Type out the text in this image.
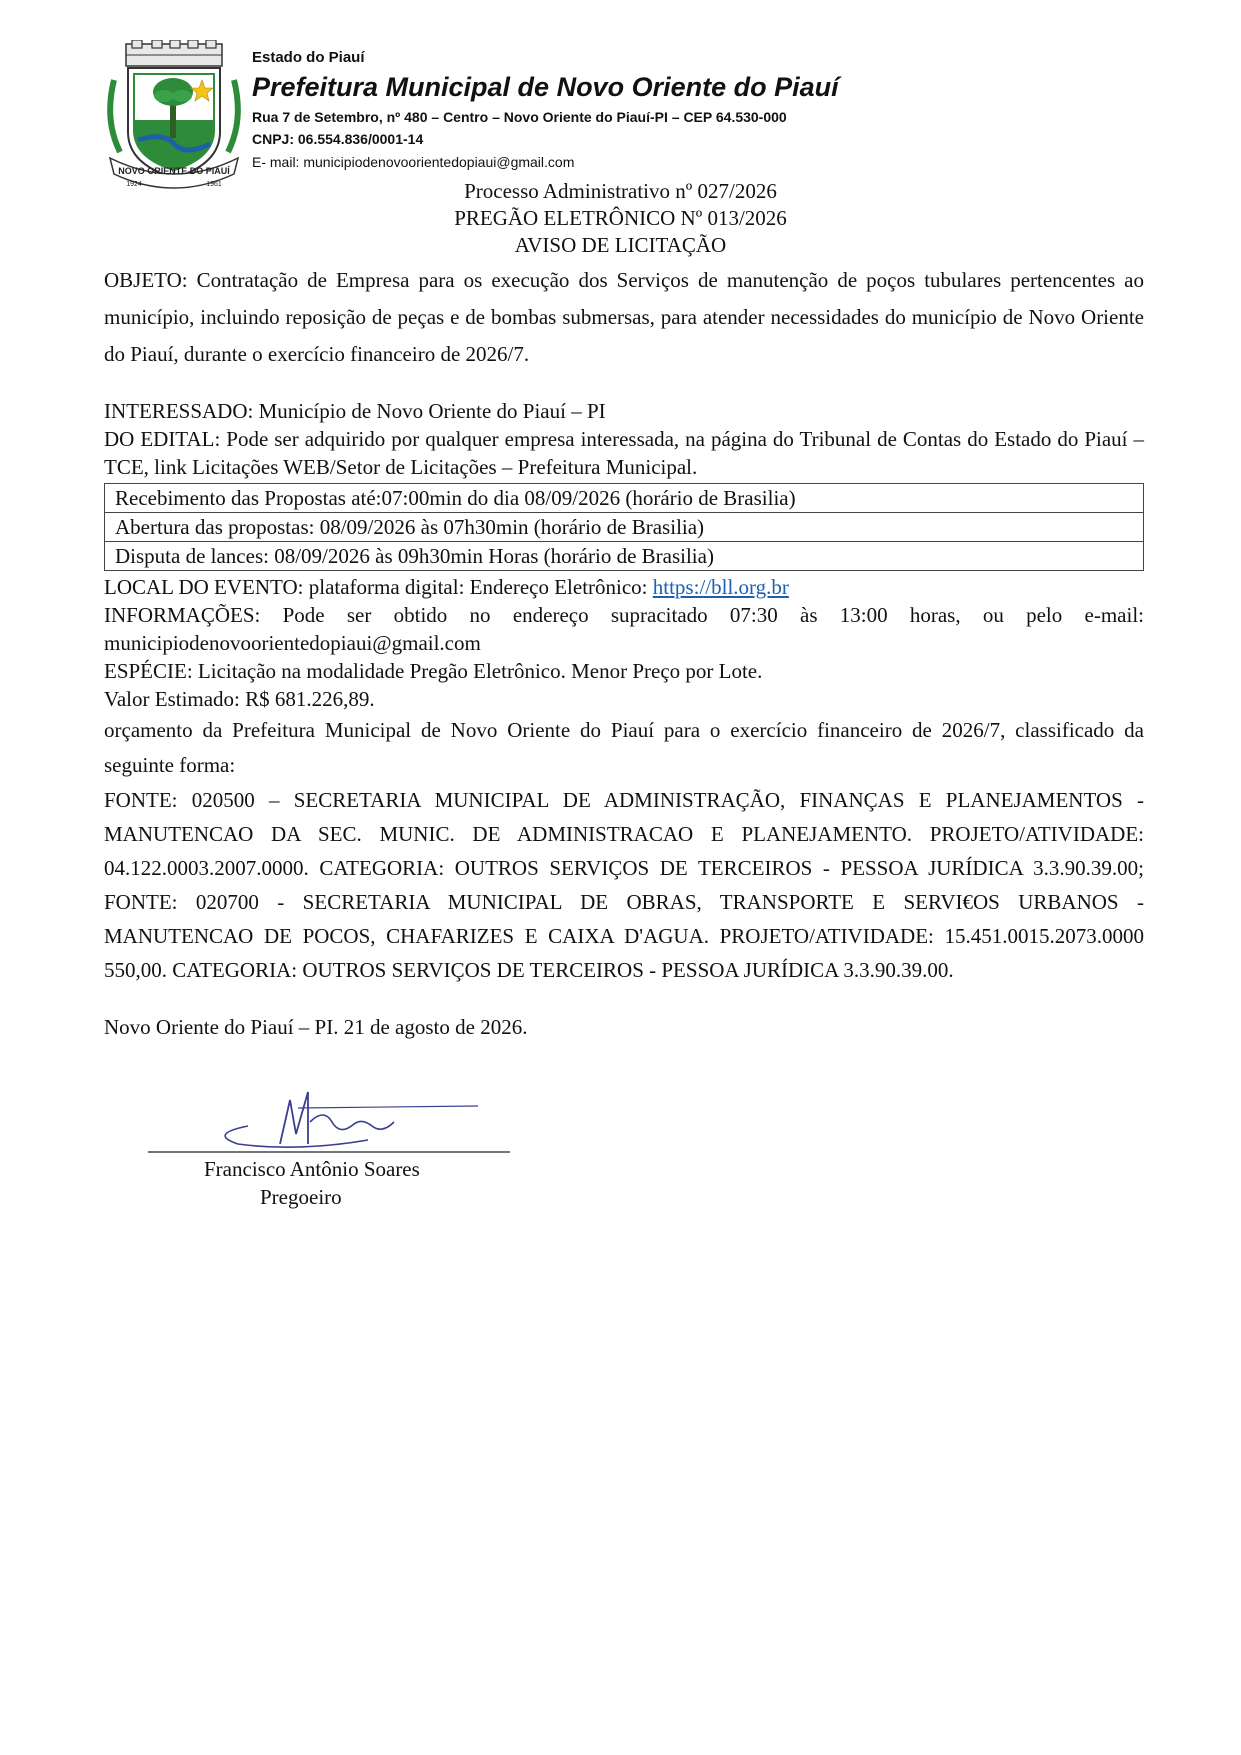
NOVO ORIENTE DO PIAUÍ
1924	1961
Estado do Piauí
Prefeitura Municipal de Novo Oriente do Piauí
Rua 7 de Setembro, nº 480 – Centro – Novo Oriente do Piauí-PI – CEP 64.530-000
CNPJ: 06.554.836/0001-14
E- mail: municipiodenovoorientedopiaui@gmail.com
Processo Administrativo nº 027/2026
PREGÃO ELETRÔNICO Nº 013/2026
AVISO DE LICITAÇÃO

OBJETO: Contratação de Empresa para os execução dos Serviços de manutenção de poços tubulares pertencentes ao município, incluindo reposição de peças e de bombas submersas, para atender necessidades do município de Novo Oriente do Piauí, durante o exercício financeiro de 2026/7.

INTERESSADO: Município de Novo Oriente do Piauí – PI

DO EDITAL: Pode ser adquirido por qualquer empresa interessada, na página do Tribunal de Contas do Estado do Piauí – TCE, link Licitações WEB/Setor de Licitações – Prefeitura Municipal.

Recebimento das Propostas até:07:00min do dia 08/09/2026 (horário de Brasilia)
Abertura das propostas: 08/09/2026 às 07h30min (horário de Brasilia)
Disputa de lances: 08/09/2026 às 09h30min Horas (horário de Brasilia)

LOCAL DO EVENTO: plataforma digital: Endereço Eletrônico: https://bll.org.br

INFORMAÇÕES: Pode ser obtido no endereço supracitado 07:30 às 13:00 horas, ou pelo e-mail: municipiodenovoorientedopiaui@gmail.com

ESPÉCIE: Licitação na modalidade Pregão Eletrônico. Menor Preço por Lote.

Valor Estimado: R$ 681.226,89.

orçamento da Prefeitura Municipal de Novo Oriente do Piauí para o exercício financeiro de 2026/7, classificado da seguinte forma:

FONTE: 020500 – SECRETARIA MUNICIPAL DE ADMINISTRAÇÃO, FINANÇAS E PLANEJAMENTOS - MANUTENCAO DA SEC. MUNIC. DE ADMINISTRACAO E PLANEJAMENTO. PROJETO/ATIVIDADE: 04.122.0003.2007.0000. CATEGORIA: OUTROS SERVIÇOS DE TERCEIROS - PESSOA JURÍDICA 3.3.90.39.00; FONTE: 020700 - SECRETARIA MUNICIPAL DE OBRAS, TRANSPORTE E SERVI€OS URBANOS - MANUTENCAO DE POCOS, CHAFARIZES E CAIXA D'AGUA. PROJETO/ATIVIDADE: 15.451.0015.2073.0000 550,00. CATEGORIA: OUTROS SERVIÇOS DE TERCEIROS - PESSOA JURÍDICA 3.3.90.39.00.

Novo Oriente do Piauí – PI. 21 de agosto de 2026.

Francisco Antônio Soares
Pregoeiro
